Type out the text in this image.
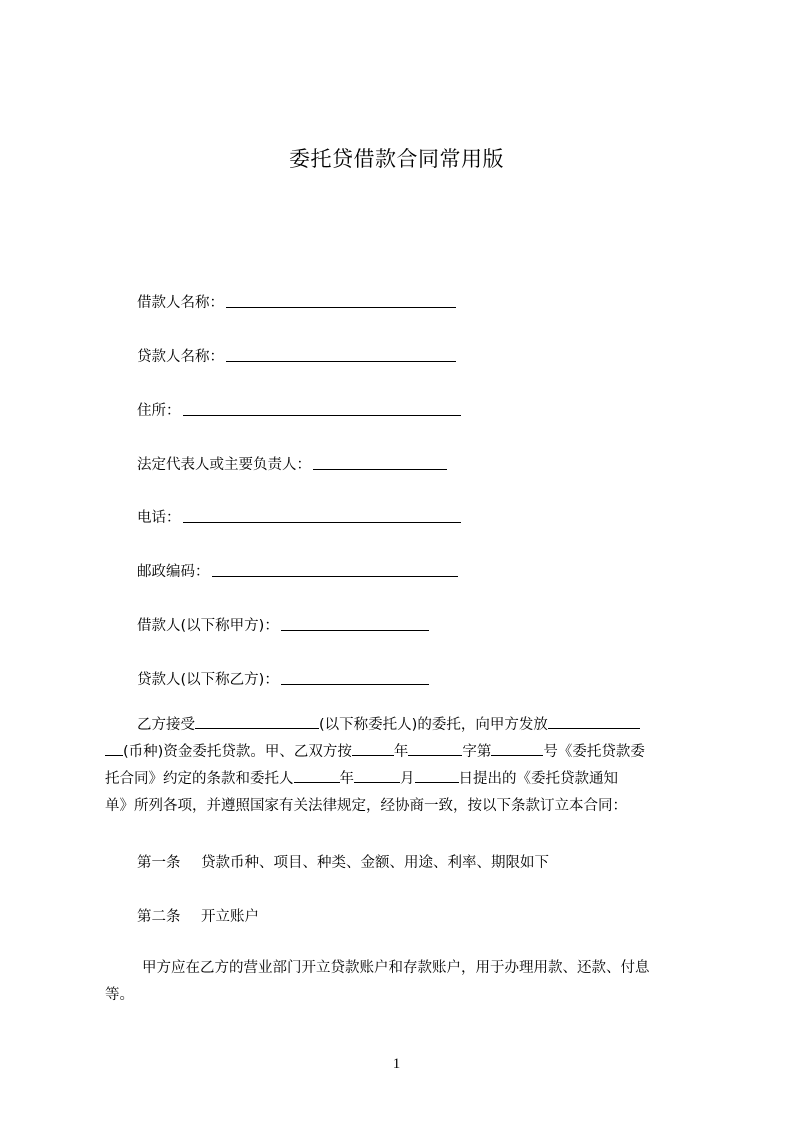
委托贷借款合同常用版
借款人名称：
贷款人名称：
住所：
法定代表人或主要负责人：
电话：
邮政编码：
借款人(以下称甲方)：
贷款人(以下称乙方)：
乙方接受	(以下称委托人)的委托，向甲方发放
(币种)资金委托贷款。甲、乙双方按	年	字第	号《委托贷款委
托合同》约定的条款和委托人	年	月	日提出的《委托贷款通知
单》所列各项，并遵照国家有关法律规定，经协商一致，按以下条款订立本合同：
第一条 贷款币种、项目、种类、金额、用途、利率、期限如下
第二条 开立账户
甲方应在乙方的营业部门开立贷款账户和存款账户，用于办理用款、还款、付息
等。
1
